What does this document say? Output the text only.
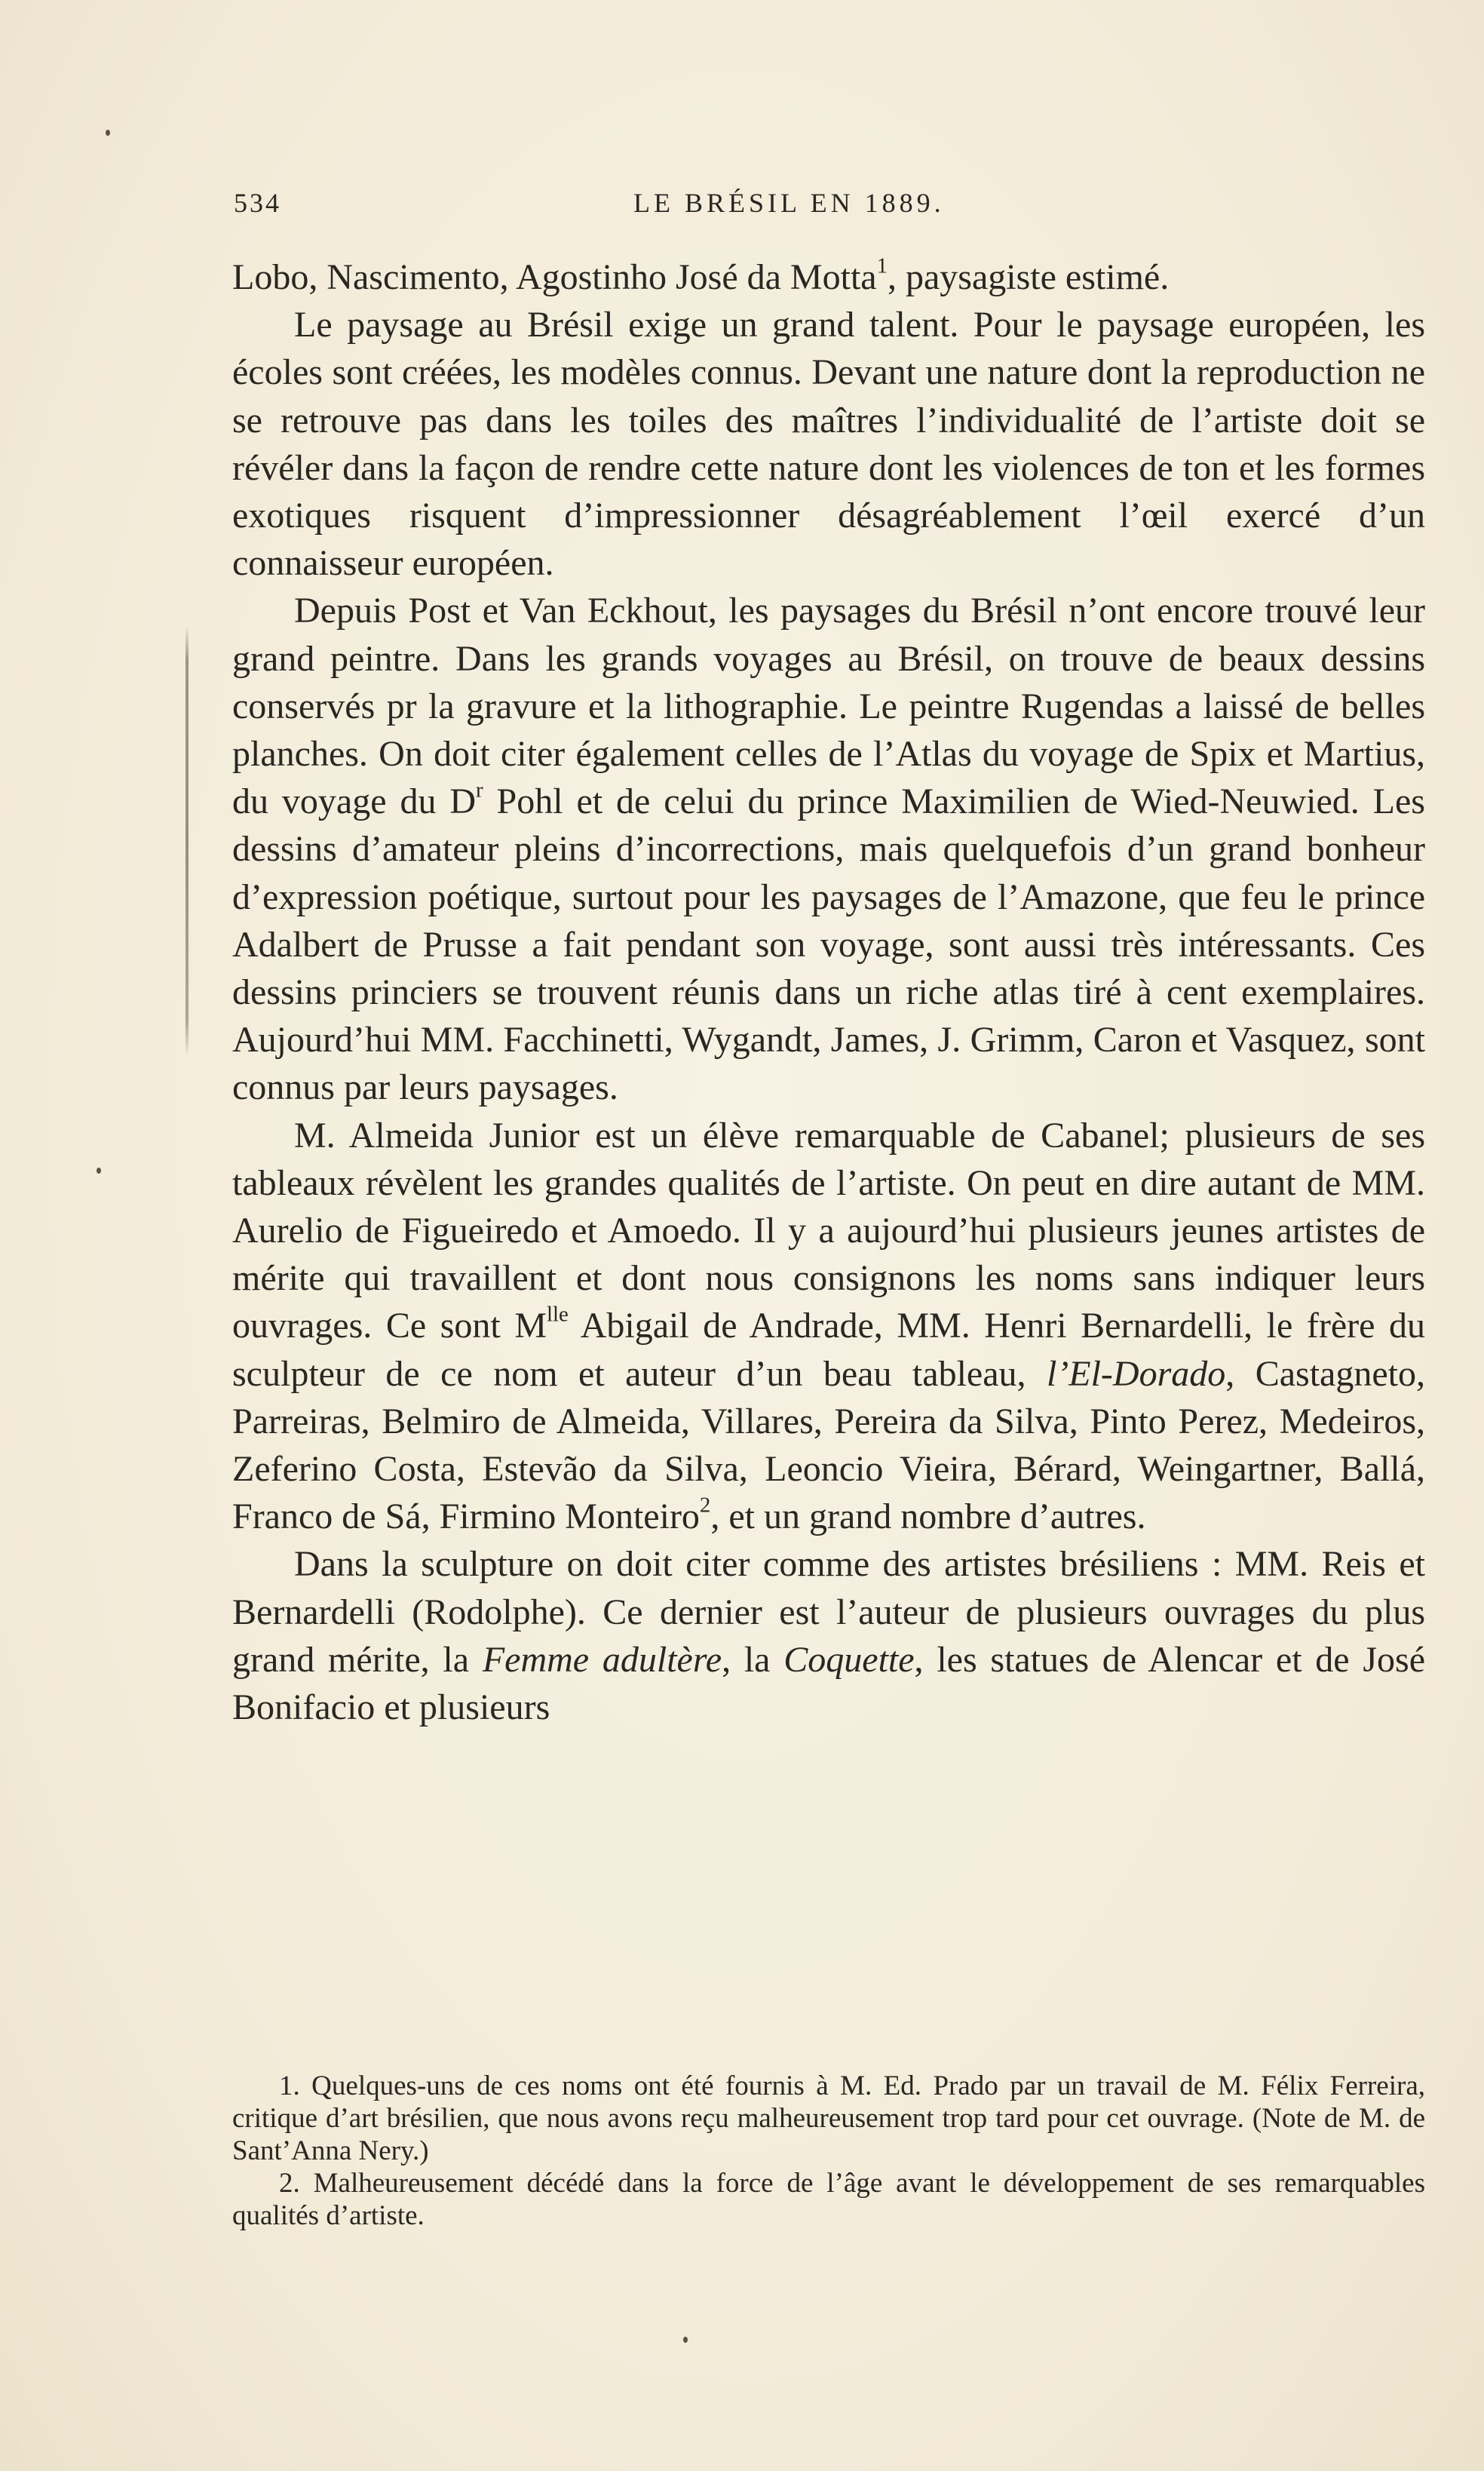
534	LE BRÉSIL EN 1889.

Lobo, Nascimento, Agostinho José da Motta$^1$, paysagiste estimé.

Le paysage au Brésil exige un grand talent. Pour le paysage européen, les écoles sont créées, les modèles connus. Devant une nature dont la reproduction ne se retrouve pas dans les toiles des maîtres l’individualité de l’artiste doit se révéler dans la façon de rendre cette nature dont les violences de ton et les formes exotiques risquent d’impressionner désagréablement l’œil exercé d’un connaisseur européen.

Depuis Post et Van Eckhout, les paysages du Brésil n’ont encore trouvé leur grand peintre. Dans les grands voyages au Brésil, on trouve de beaux dessins conservés pr la gravure et la lithographie. Le peintre Rugendas a laissé de belles planches. On doit citer également celles de l’Atlas du voyage de Spix et Martius, du voyage du $D^r$ Pohl et de celui du prince Maximilien de Wied-Neuwied. Les dessins d’amateur pleins d’incorrections, mais quelquefois d’un grand bonheur d’expression poétique, surtout pour les paysages de l’Amazone, que feu le prince Adalbert de Prusse a fait pendant son voyage, sont aussi très intéressants. Ces dessins princiers se trouvent réunis dans un riche atlas tiré à cent exemplaires. Aujourd’hui MM. Facchinetti, Wygandt, James, J. Grimm, Caron et Vasquez, sont connus par leurs paysages.

M. Almeida Junior est un élève remarquable de Cabanel; plusieurs de ses tableaux révèlent les grandes qualités de l’artiste. On peut en dire autant de MM. Aurelio de Figueiredo et Amoedo. Il y a aujourd’hui plusieurs jeunes artistes de mérite qui travaillent et dont nous consignons les noms sans indiquer leurs ouvrages. Ce sont $M^{lle}$ Abigail de Andrade, MM. Henri Bernardelli, le frère du sculpteur de ce nom et auteur d’un beau tableau, l’El-Dorado, Castagneto, Parreiras, Belmiro de Almeida, Villares, Pereira da Silva, Pinto Perez, Medeiros, Zeferino Costa, Estevão da Silva, Leoncio Vieira, Bérard, Weingartner, Ballá, Franco de Sá, Firmino Monteiro$^2$, et un grand nombre d’autres.

Dans la sculpture on doit citer comme des artistes brésiliens : MM. Reis et Bernardelli (Rodolphe). Ce dernier est l’auteur de plusieurs ouvrages du plus grand mérite, la Femme adultère, la Coquette, les statues de Alencar et de José Bonifacio et plusieurs

1. Quelques-uns de ces noms ont été fournis à M. Ed. Prado par un travail de M. Félix Ferreira, critique d’art brésilien, que nous avons reçu malheureusement trop tard pour cet ouvrage. (Note de M. de Sant’Anna Nery.)

2. Malheureusement décédé dans la force de l’âge avant le développement de ses remarquables qualités d’artiste.
